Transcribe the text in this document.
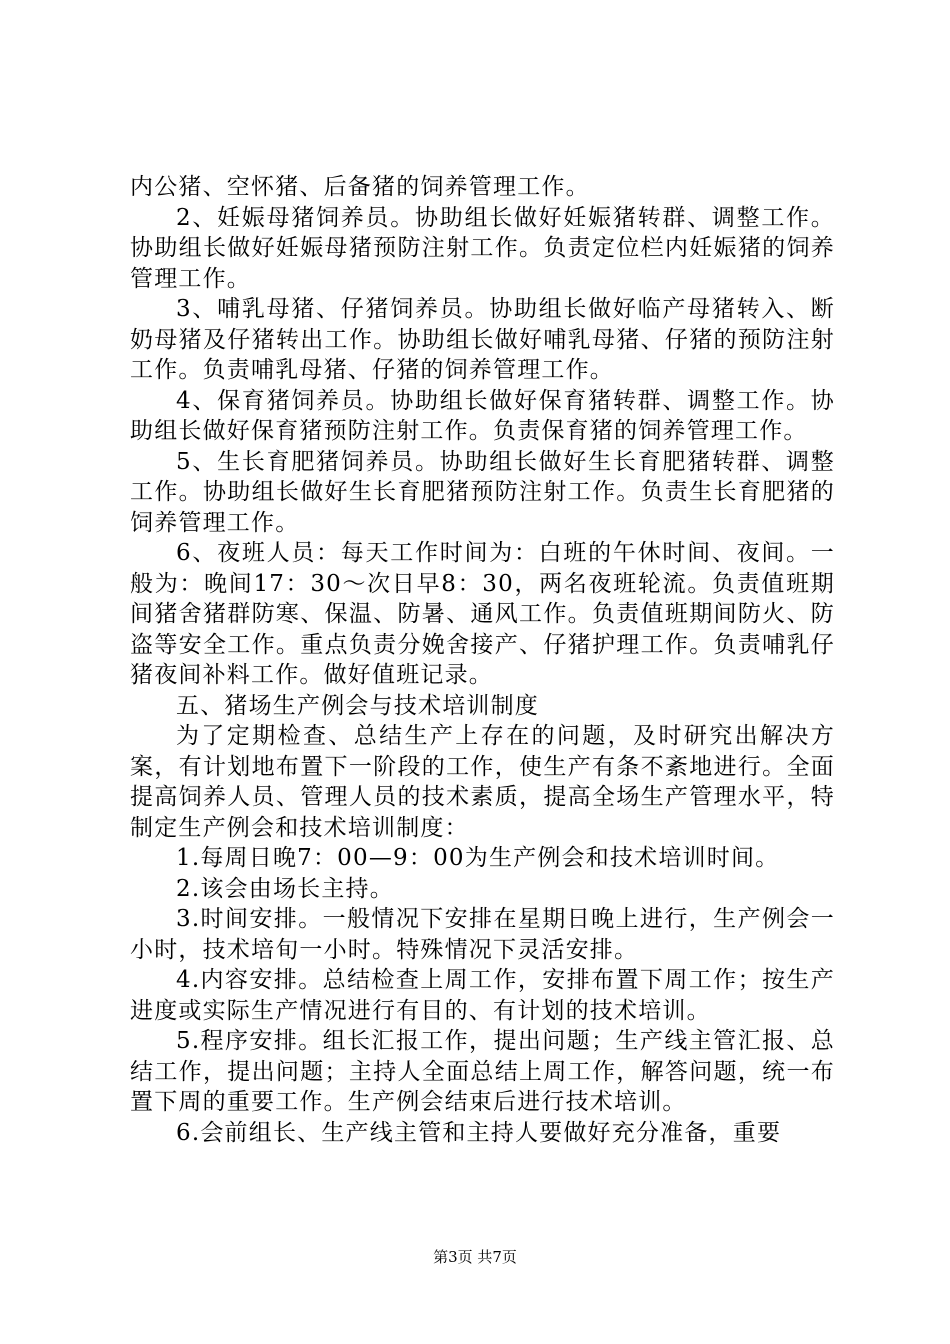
内公猪、空怀猪、后备猪的饲养管理工作。

2、妊娠母猪饲养员。协助组长做好妊娠猪转群、调整工作。协助组长做好妊娠母猪预防注射工作。负责定位栏内妊娠猪的饲养管理工作。

3、哺乳母猪、仔猪饲养员。协助组长做好临产母猪转入、断奶母猪及仔猪转出工作。协助组长做好哺乳母猪、仔猪的预防注射工作。负责哺乳母猪、仔猪的饲养管理工作。

4、保育猪饲养员。协助组长做好保育猪转群、调整工作。协助组长做好保育猪预防注射工作。负责保育猪的饲养管理工作。

5、生长育肥猪饲养员。协助组长做好生长育肥猪转群、调整工作。协助组长做好生长育肥猪预防注射工作。负责生长育肥猪的饲养管理工作。

6、夜班人员：每天工作时间为：白班的午休时间、夜间。一般为：晚间17：30～次日早8：30，两名夜班轮流。负责值班期间猪舍猪群防寒、保温、防暑、通风工作。负责值班期间防火、防盗等安全工作。重点负责分娩舍接产、仔猪护理工作。负责哺乳仔猪夜间补料工作。做好值班记录。

五、猪场生产例会与技术培训制度

为了定期检查、总结生产上存在的问题，及时研究出解决方案，有计划地布置下一阶段的工作，使生产有条不紊地进行。全面提高饲养人员、管理人员的技术素质，提高全场生产管理水平，特制定生产例会和技术培训制度：

1.每周日晚7：00—9：00为生产例会和技术培训时间。

2.该会由场长主持。

3.时间安排。一般情况下安排在星期日晚上进行，生产例会一小时，技术培旬一小时。特殊情况下灵活安排。

4.内容安排。总结检查上周工作，安排布置下周工作；按生产进度或实际生产情况进行有目的、有计划的技术培训。

5.程序安排。组长汇报工作，提出问题；生产线主管汇报、总结工作，提出问题；主持人全面总结上周工作，解答问题，统一布置下周的重要工作。生产例会结束后进行技术培训。

6.会前组长、生产线主管和主持人要做好充分准备，重要

第3页 共7页
